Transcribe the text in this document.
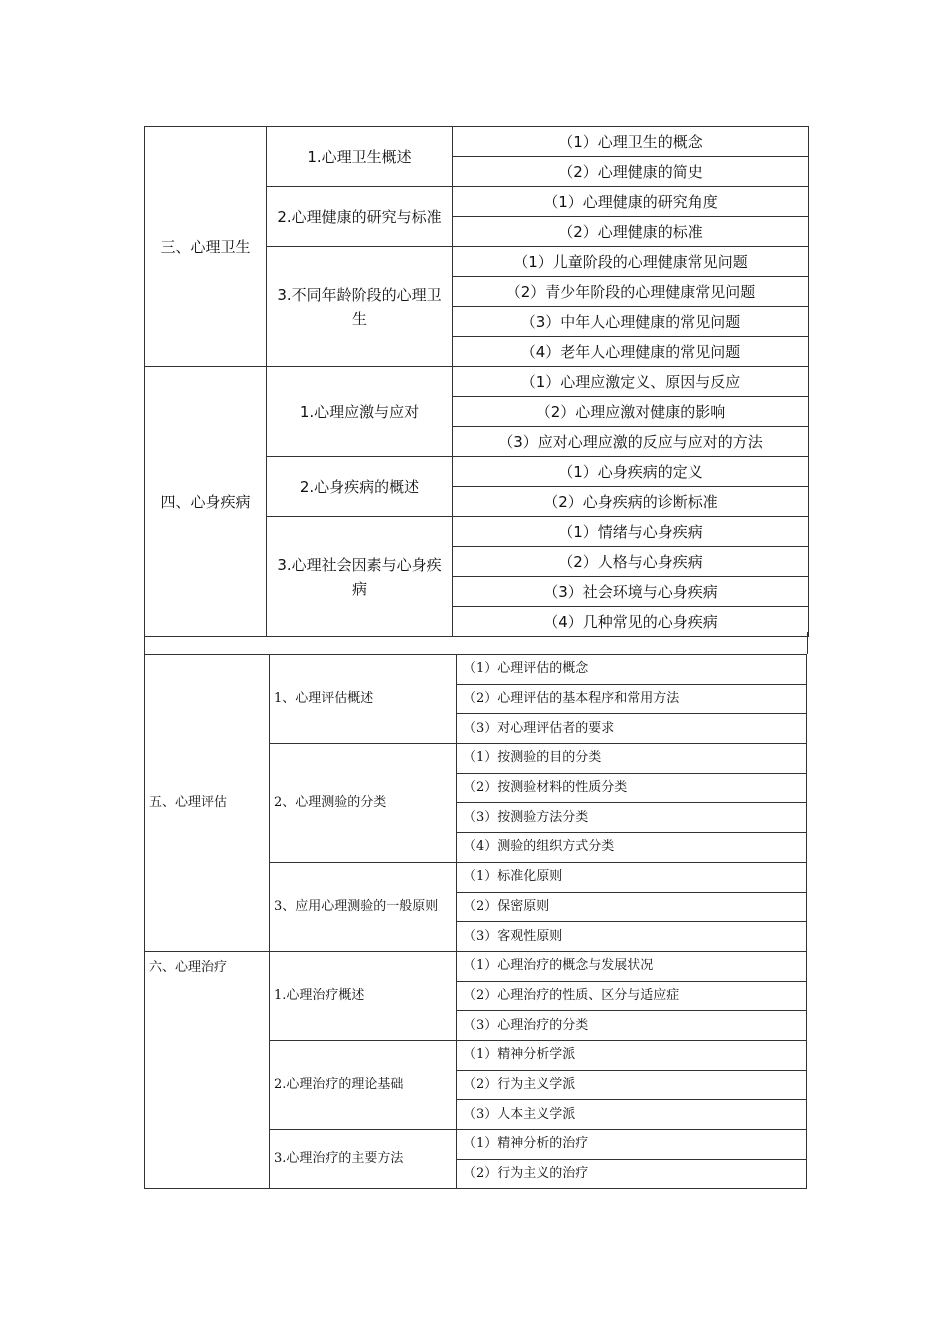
三、心理卫生	1.心理卫生概述	（1）心理卫生的概念
		（2）心理健康的简史
	2.心理健康的研究与标准	（1）心理健康的研究角度
		（2）心理健康的标准
	3.不同年龄阶段的心理卫生	（1）儿童阶段的心理健康常见问题
		（2）青少年阶段的心理健康常见问题
		（3）中年人心理健康的常见问题
		（4）老年人心理健康的常见问题
四、心身疾病	1.心理应激与应对	（1）心理应激定义、原因与反应
		（2）心理应激对健康的影响
		（3）应对心理应激的反应与应对的方法
	2.心身疾病的概述	（1）心身疾病的定义
		（2）心身疾病的诊断标准
	3.心理社会因素与心身疾病	（1）情绪与心身疾病
		（2）人格与心身疾病
		（3）社会环境与心身疾病
		（4）几种常见的心身疾病
五、心理评估	1、心理评估概述	（1）心理评估的概念
		（2）心理评估的基本程序和常用方法
		（3）对心理评估者的要求
	2、心理测验的分类	（1）按测验的目的分类
		（2）按测验材料的性质分类
		（3）按测验方法分类
		（4）测验的组织方式分类
	3、应用心理测验的一般原则	（1）标准化原则
		（2）保密原则
		（3）客观性原则
六、心理治疗	1.心理治疗概述	（1）心理治疗的概念与发展状况
		（2）心理治疗的性质、区分与适应症
		（3）心理治疗的分类
	2.心理治疗的理论基础	（1）精神分析学派
		（2）行为主义学派
		（3）人本主义学派
	3.心理治疗的主要方法	（1）精神分析的治疗
		（2）行为主义的治疗
